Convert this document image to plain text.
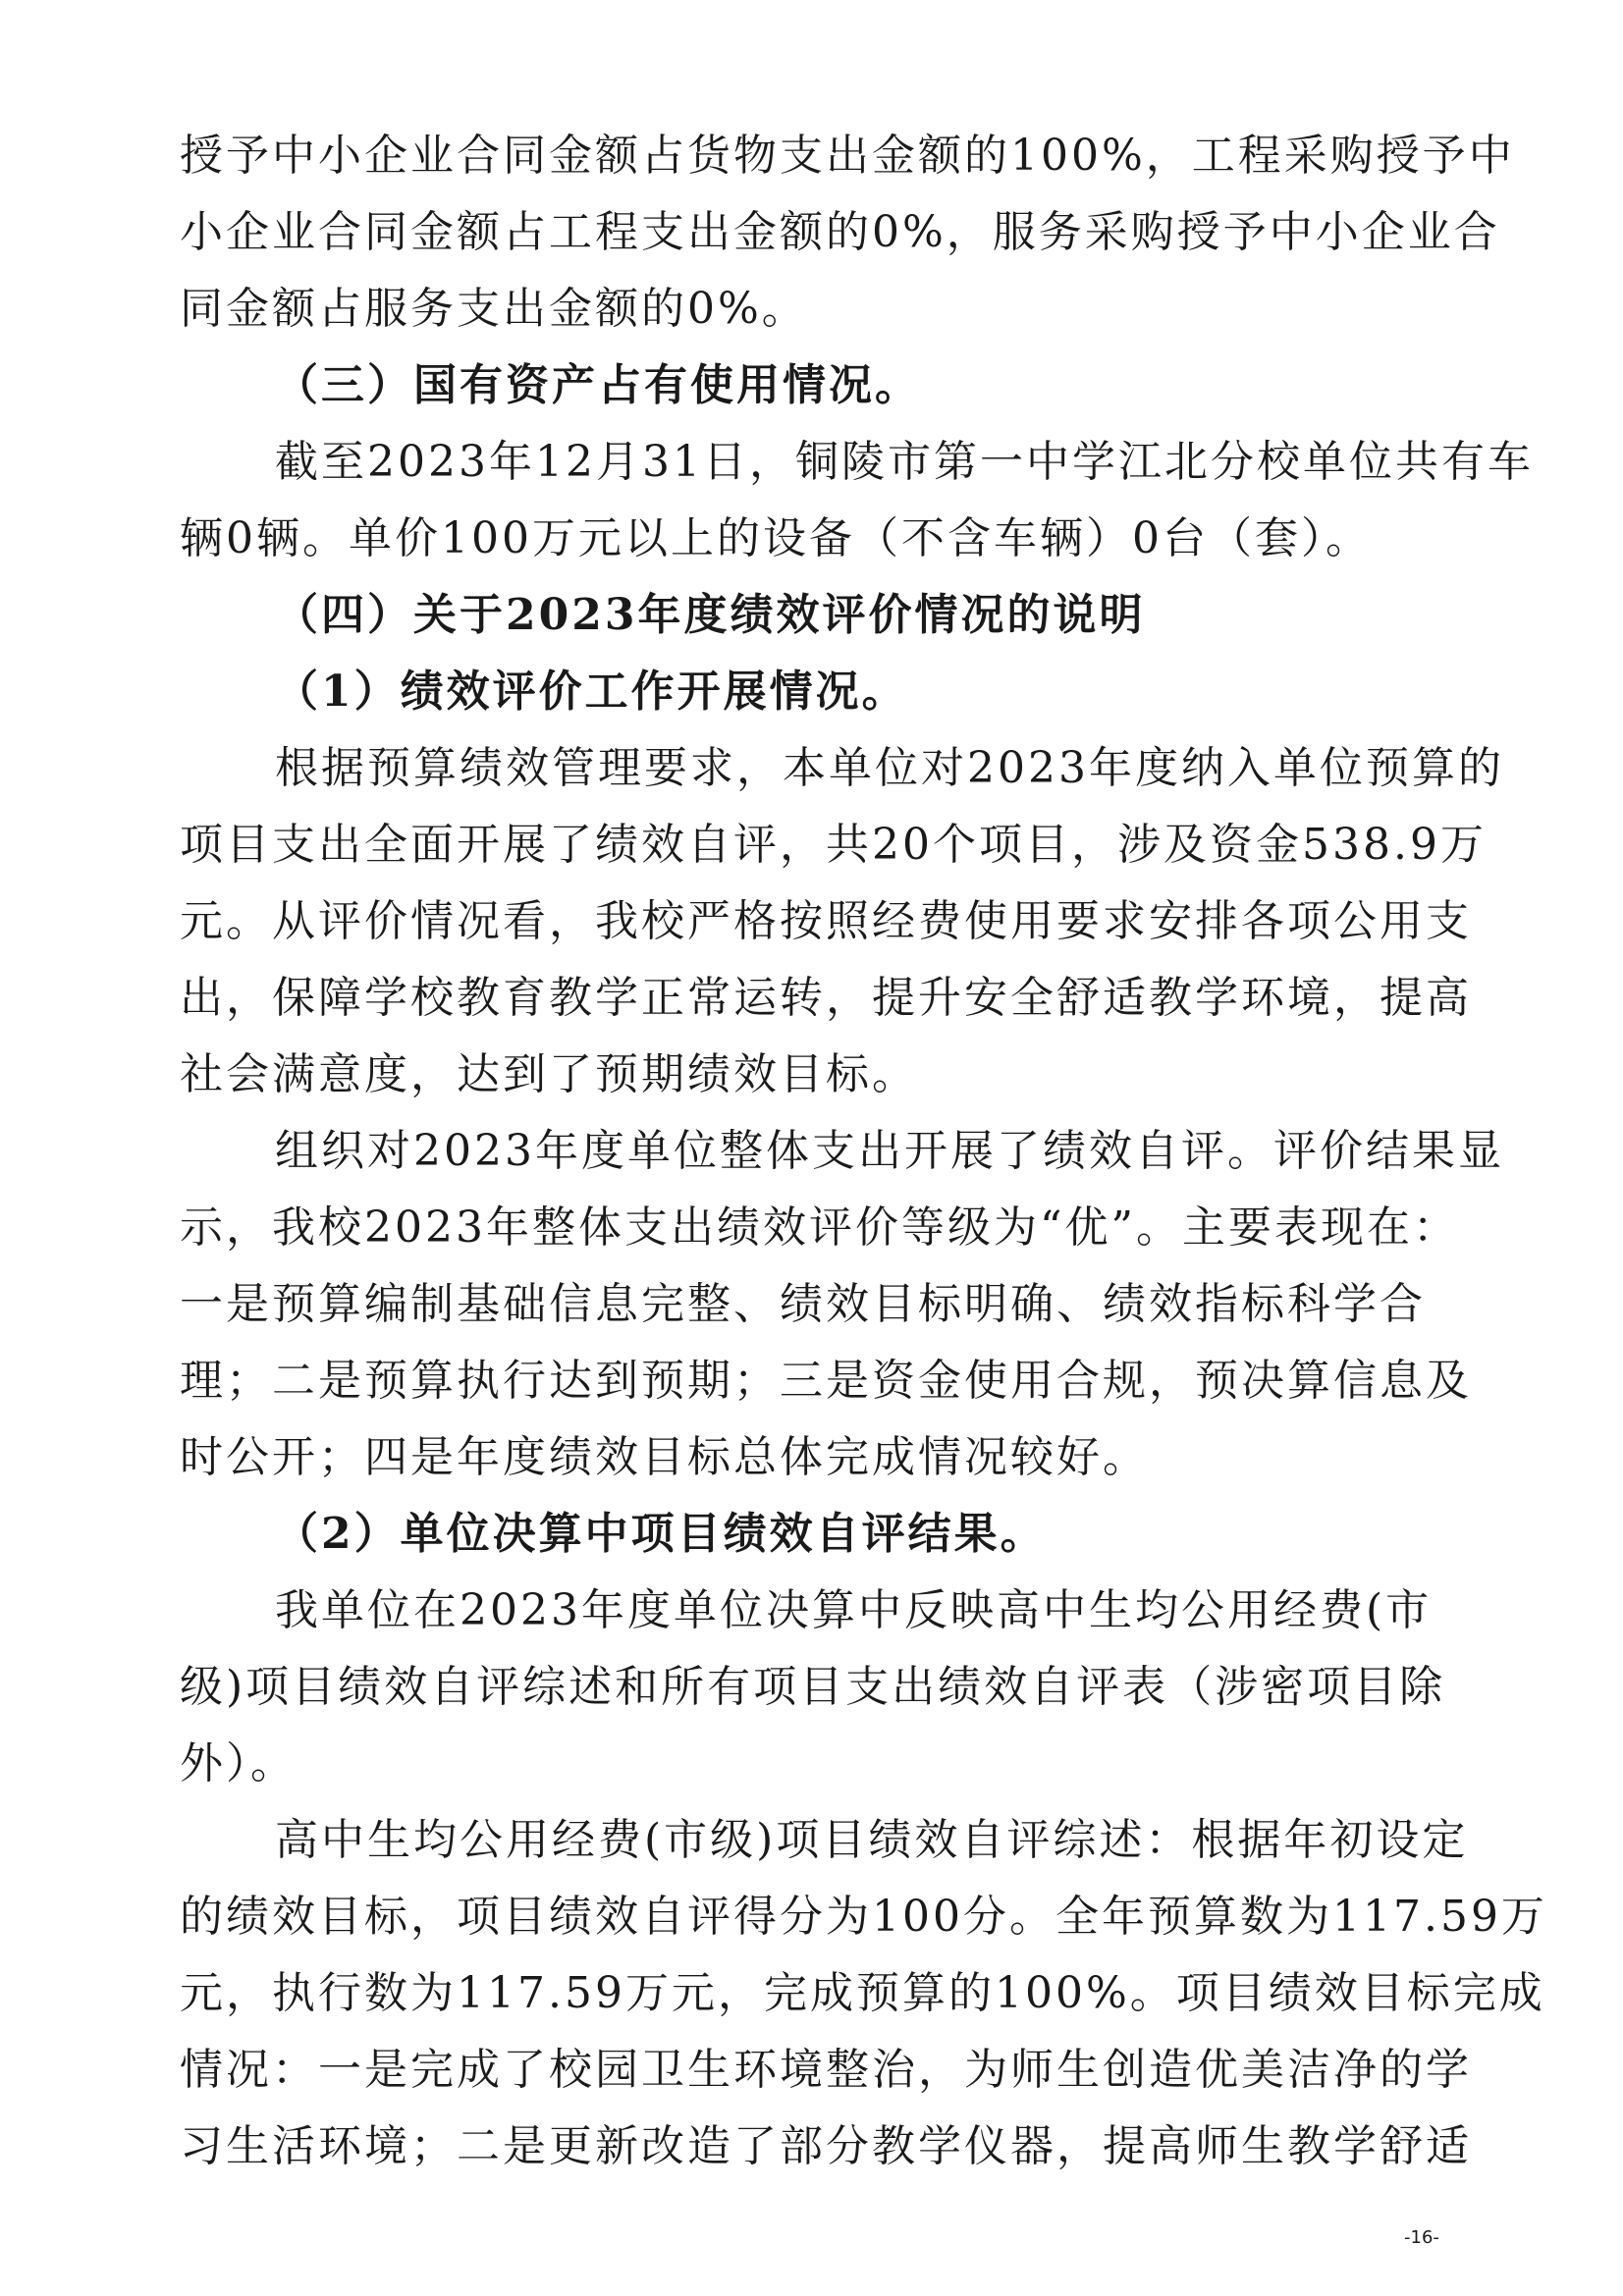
授予中小企业合同金额占货物支出金额的100%，工程采购授予中
小企业合同金额占工程支出金额的0%，服务采购授予中小企业合
同金额占服务支出金额的0%。
（三）国有资产占有使用情况。
截至2023年12月31日，铜陵市第一中学江北分校单位共有车
辆0辆。单价100万元以上的设备（不含车辆）0台（套）。
（四）关于2023年度绩效评价情况的说明
（1）绩效评价工作开展情况。
根据预算绩效管理要求，本单位对2023年度纳入单位预算的
项目支出全面开展了绩效自评，共20个项目，涉及资金538.9万
元。从评价情况看，我校严格按照经费使用要求安排各项公用支
出，保障学校教育教学正常运转，提升安全舒适教学环境，提高
社会满意度，达到了预期绩效目标。
组织对2023年度单位整体支出开展了绩效自评。评价结果显
示，我校2023年整体支出绩效评价等级为“优”。主要表现在：
一是预算编制基础信息完整、绩效目标明确、绩效指标科学合
理；二是预算执行达到预期；三是资金使用合规，预决算信息及
时公开；四是年度绩效目标总体完成情况较好。
（2）单位决算中项目绩效自评结果。
我单位在2023年度单位决算中反映高中生均公用经费(市
级)项目绩效自评综述和所有项目支出绩效自评表（涉密项目除
外）。
高中生均公用经费(市级)项目绩效自评综述：根据年初设定
的绩效目标，项目绩效自评得分为100分。全年预算数为117.59万
元，执行数为117.59万元，完成预算的100%。项目绩效目标完成
情况：一是完成了校园卫生环境整治，为师生创造优美洁净的学
习生活环境；二是更新改造了部分教学仪器，提高师生教学舒适
-16-
